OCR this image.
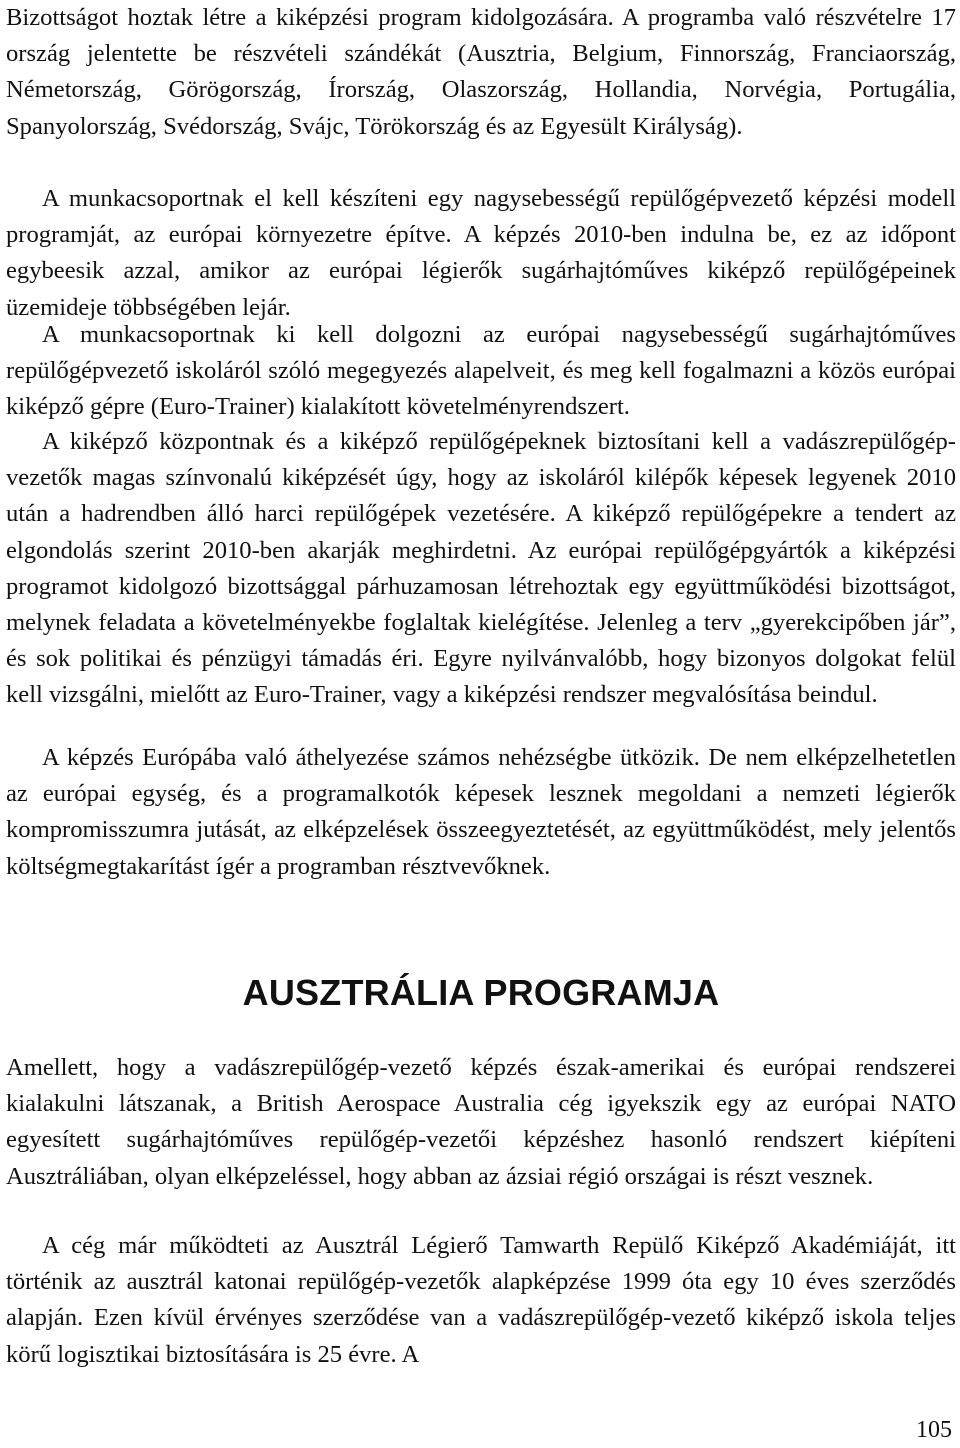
Bizottságot hoztak létre a kiképzési program kidolgozására. A programba való részvételre 17 ország jelentette be részvételi szándékát (Ausztria, Belgium, Finnország, Franciaország, Németország, Görögország, Írország, Olaszország, Hollandia, Norvégia, Portugália, Spanyolország, Svédország, Svájc, Törökország és az Egyesült Királyság).

A munkacsoportnak el kell készíteni egy nagysebességű repülőgépvezető képzési modell programját, az európai környezetre építve. A képzés 2010-ben indulna be, ez az időpont egybeesik azzal, amikor az európai légierők sugárhajtóműves kiképző repülőgépeinek üzemideje többségében lejár.

A munkacsoportnak ki kell dolgozni az európai nagysebességű sugárhajtóműves repülőgépvezető iskoláról szóló megegyezés alapelveit, és meg kell fogalmazni a közös európai kiképző gépre (Euro-Trainer) kialakított követelményrendszert.

A kiképző központnak és a kiképző repülőgépeknek biztosítani kell a vadászrepülőgép-vezetők magas színvonalú kiképzését úgy, hogy az iskoláról kilépők képesek legyenek 2010 után a hadrendben álló harci repülőgépek vezetésére. A kiképző repülőgépekre a tendert az elgondolás szerint 2010-ben akarják meghirdetni. Az európai repülőgépgyártók a kiképzési programot kidolgozó bizottsággal párhuzamosan létrehoztak egy együttműködési bizottságot, melynek feladata a követelményekbe foglaltak kielégítése. Jelenleg a terv „gyerekcipőben jár”, és sok politikai és pénzügyi támadás éri. Egyre nyilvánvalóbb, hogy bizonyos dolgokat felül kell vizsgálni, mielőtt az Euro-Trainer, vagy a kiképzési rendszer megvalósítása beindul.

A képzés Európába való áthelyezése számos nehézségbe ütközik. De nem elképzelhetetlen az európai egység, és a programalkotók képesek lesznek megoldani a nemzeti légierők kompromisszumra jutását, az elképzelések összeegyeztetését, az együttműködést, mely jelentős költségmegtakarítást ígér a programban résztvevőknek.

AUSZTRÁLIA PROGRAMJA

Amellett, hogy a vadászrepülőgép-vezető képzés észak-amerikai és európai rendszerei kialakulni látszanak, a British Aerospace Australia cég igyekszik egy az európai NATO egyesített sugárhajtóműves repülőgép-vezetői képzéshez hasonló rendszert kiépíteni Ausztráliában, olyan elképzeléssel, hogy abban az ázsiai régió országai is részt vesznek.

A cég már működteti az Ausztrál Légierő Tamwarth Repülő Kiképző Akadémiáját, itt történik az ausztrál katonai repülőgép-vezetők alapképzése 1999 óta egy 10 éves szerződés alapján. Ezen kívül érvényes szerződése van a vadászrepülőgép-vezető kiképző iskola teljes körű logisztikai biztosítására is 25 évre. A

105
